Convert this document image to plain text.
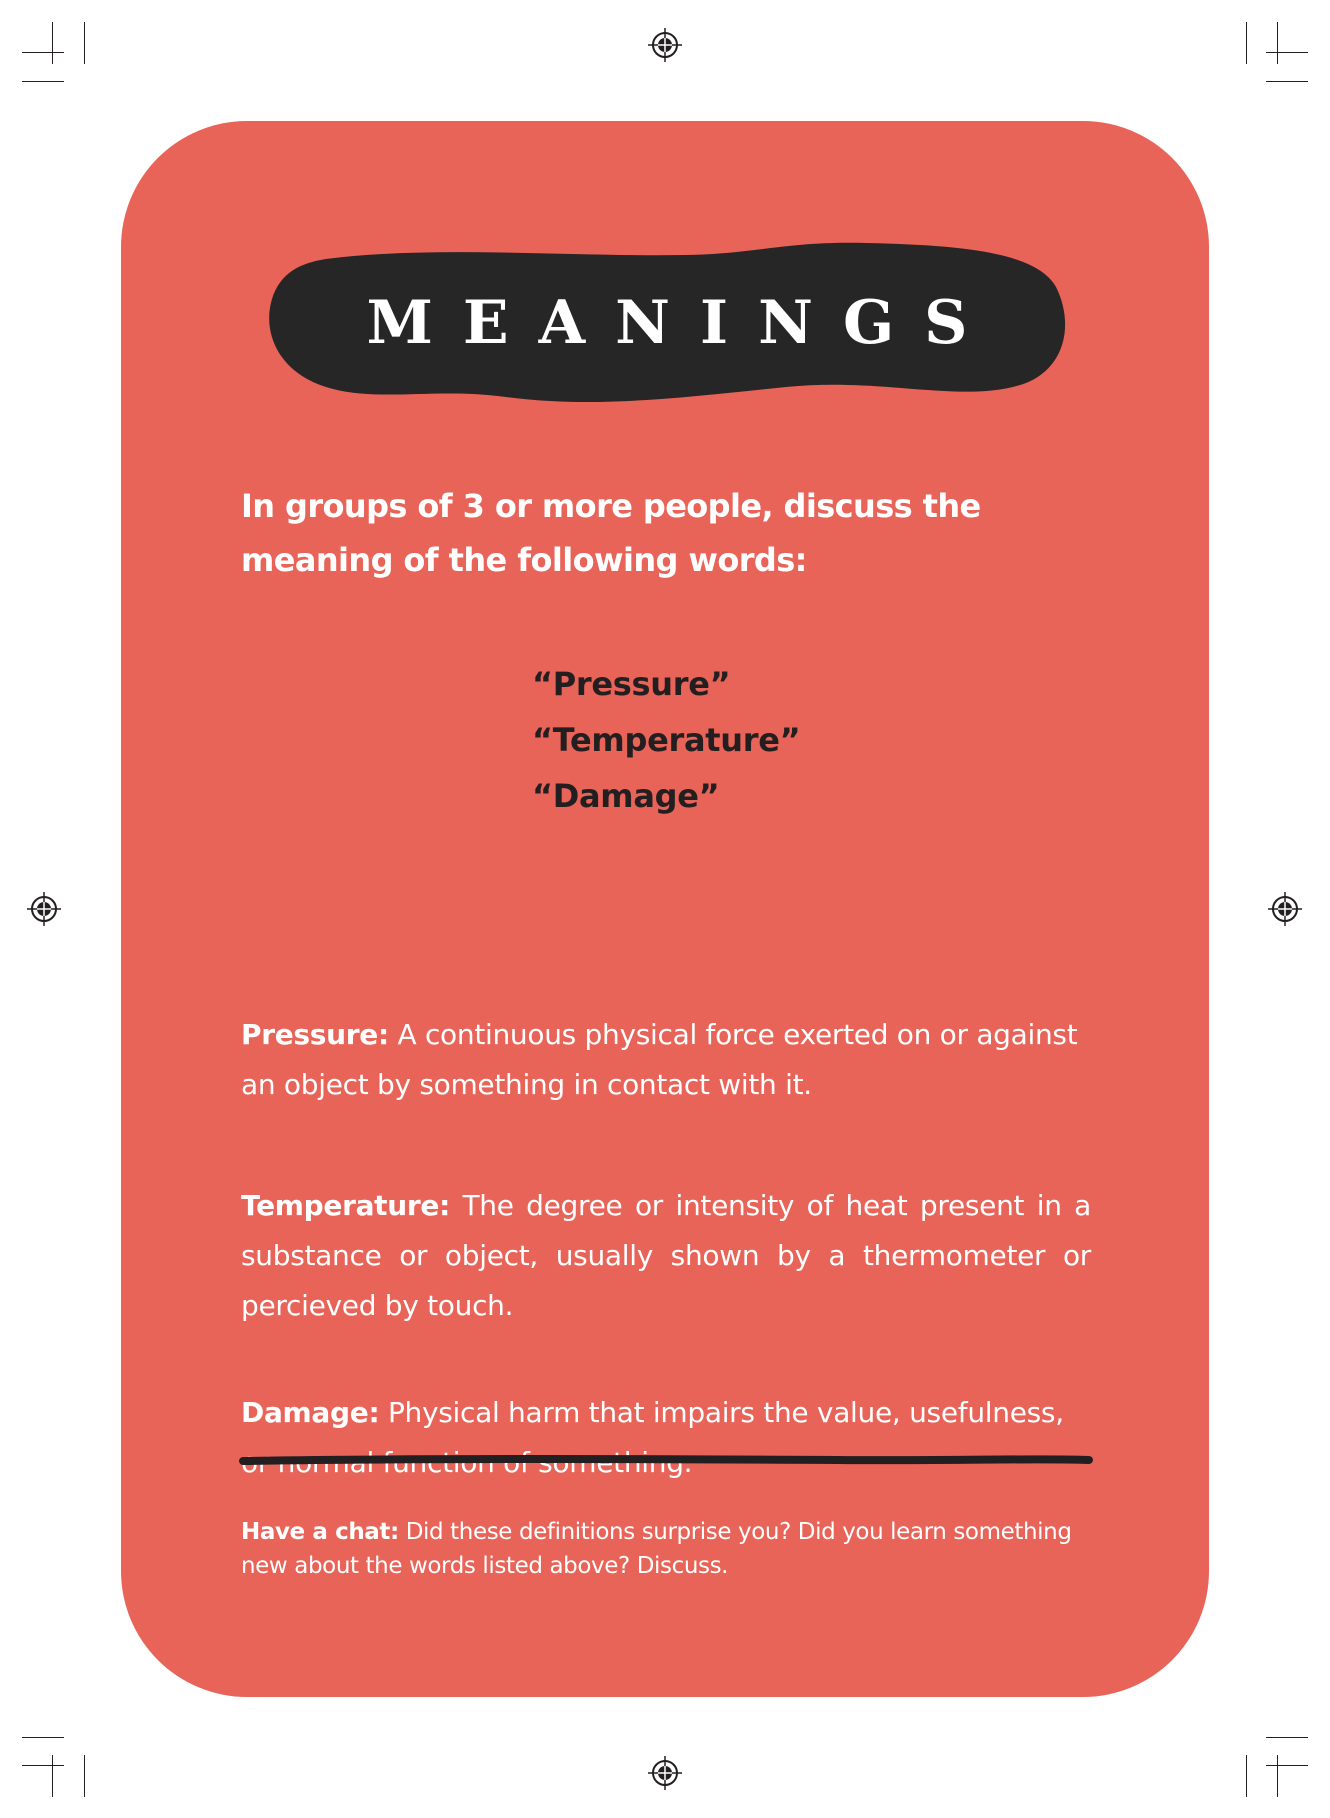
MEANINGS
In groups of 3 or more people, discuss the meaning of the following words:
“Pressure”
“Temperature”
“Damage”
Pressure: A continuous physical force exerted on or against an object by something in contact with it.
Temperature: The degree or intensity of heat present in a substance or object, usually shown by a thermometer or percieved by touch.
Damage: Physical harm that impairs the value, usefulness, or normal function of something.
Have a chat: Did these definitions surprise you? Did you learn something new about the words listed above? Discuss.
